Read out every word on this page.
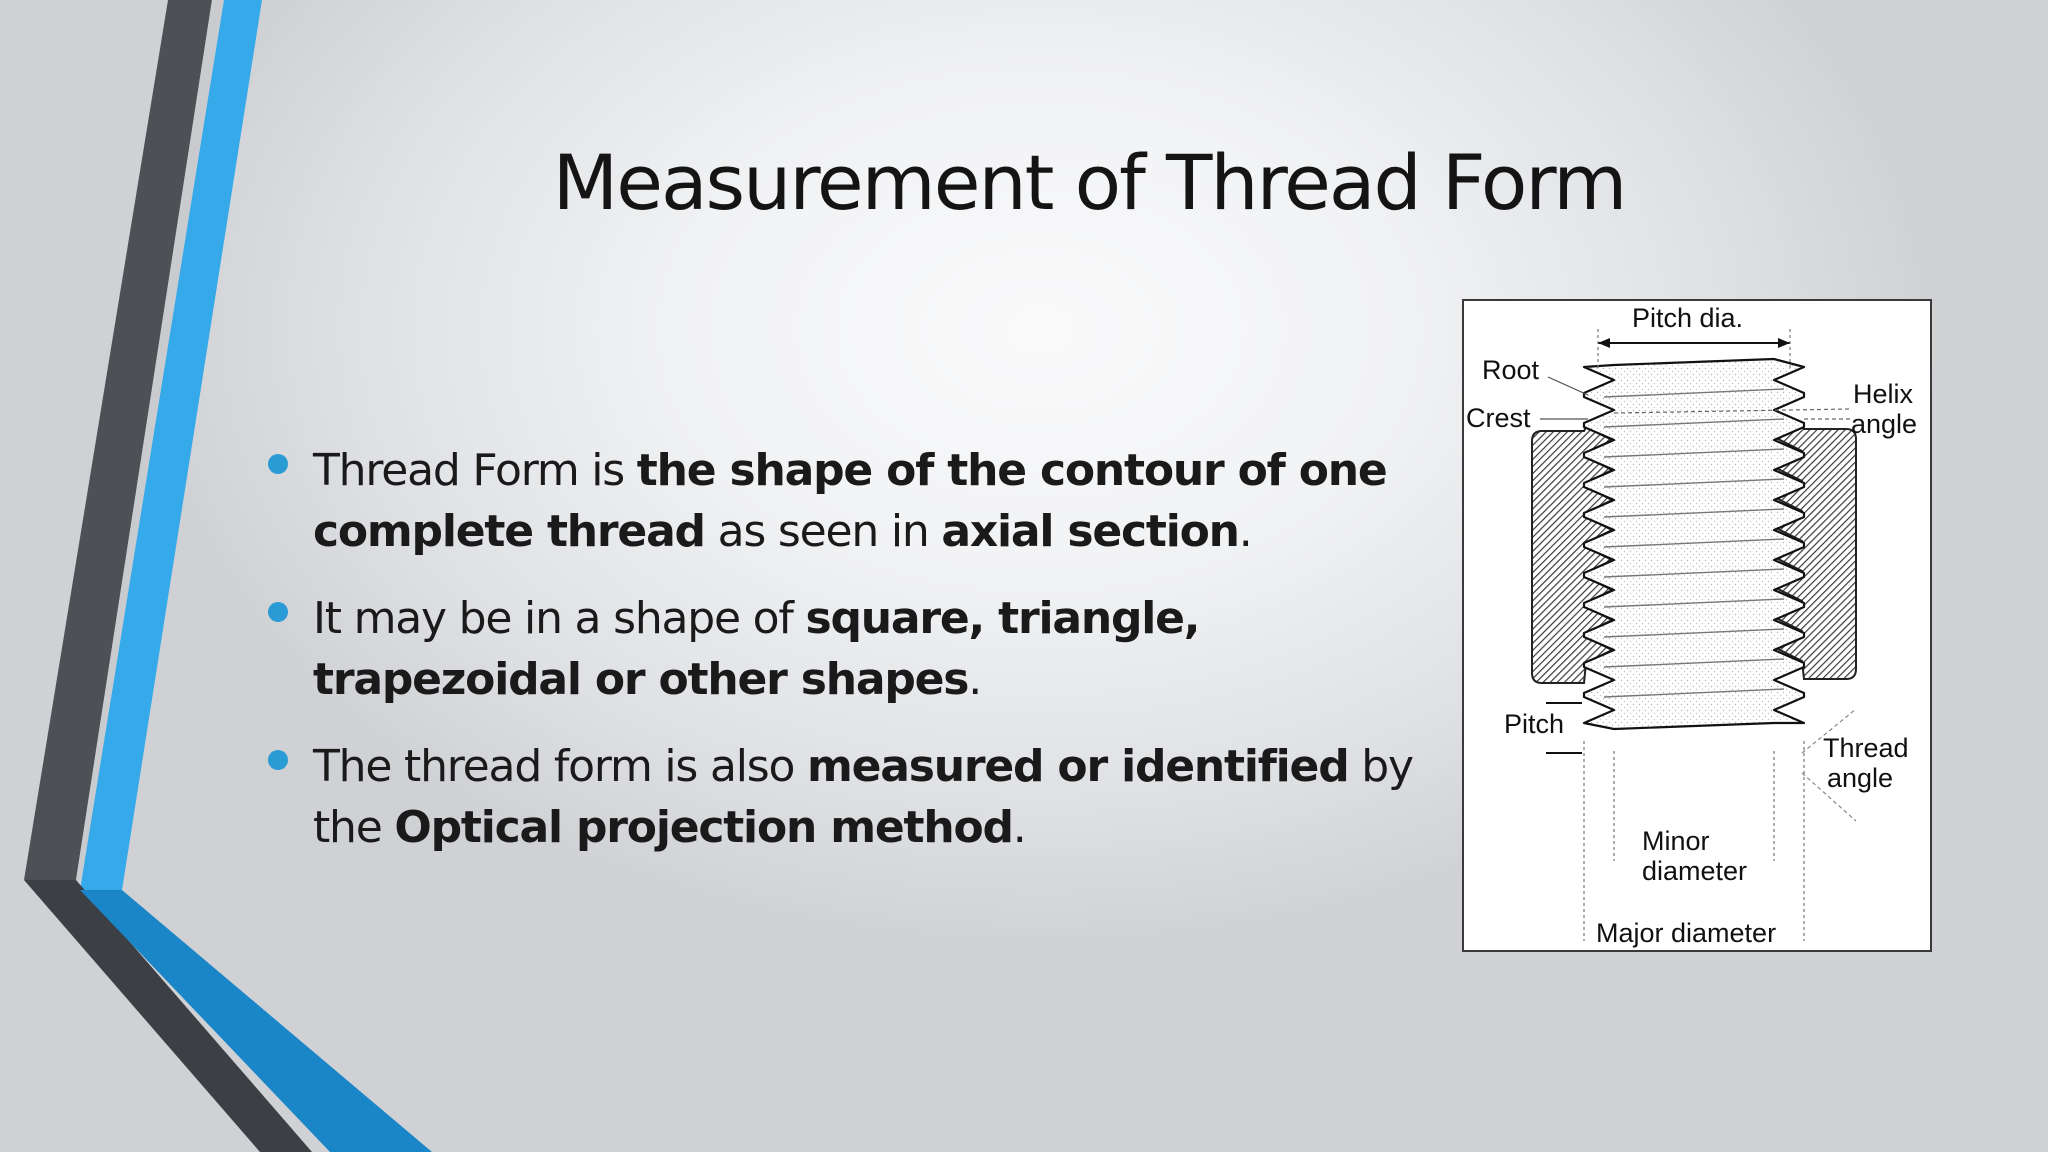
Measurement of Thread Form
Thread Form is the shape of the contour of one complete thread as seen in axial section.
It may be in a shape of square, triangle, trapezoidal or other shapes.
The thread form is also measured or identified by the Optical projection method.
Pitch dia.
Root
Crest
Helix
angle
Pitch
Thread
angle
Minor
diameter
Major diameter
